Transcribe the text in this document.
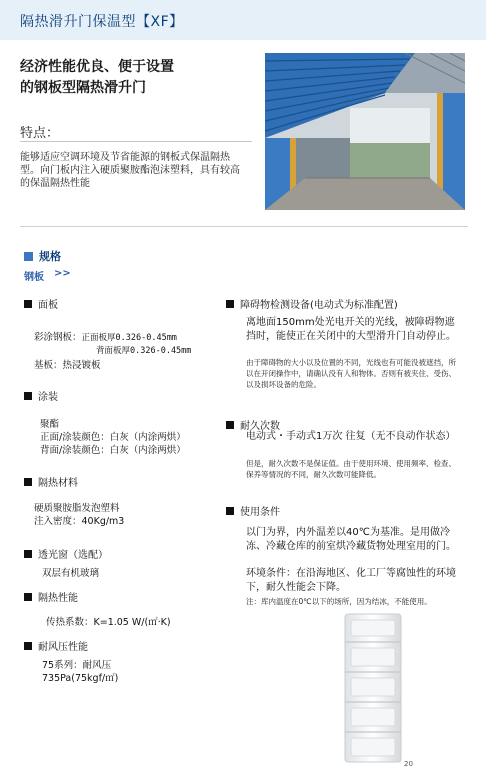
隔热滑升门保温型【XF】
经济性能优良、便于设置
的钢板型隔热滑升门
特点：
能够适应空调环境及节省能源的钢板式保温隔热型。向门板内注入硬质聚胺酯泡沫塑料，具有较高的保温隔热性能
规格
钢板 >>
面板
彩涂钢板：正面板厚0.326-0.45mm
背面板厚0.326-0.45mm
基板：热浸镀板
涂装
聚酯
正面/涂装颜色：白灰（内涂两烘）
背面/涂装颜色：白灰（内涂两烘）
隔热材料
硬质聚胺脂发泡塑料
注入密度：40Kg/m3
透光窗（选配）
双层有机玻璃
隔热性能
传热系数：K=1.05 W/(㎡·K)
耐风压性能
75系列：耐风压
735Pa(75kgf/㎡)
障碍物检测设备(电动式为标准配置)
离地面150mm处光电开关的光线，被障碍物遮挡时，能使正在关闭中的大型滑升门自动停止。
由于障碍物的大小以及位置的不同，光线也有可能没被遮挡，所以在开闭操作中，请确认没有人和物体。否则有被夹住、受伤、以及损坏设备的危险。
耐久次数
电动式・手动式1万次 往复（无不良动作状态）
但是，耐久次数不是保证值。由于使用环境、使用频率、检查、保养等情况的不同，耐久次数可能降低。
使用条件
以门为界，内外温差以40℃为基准。是用做冷冻、冷藏仓库的前室烘冷藏货物处理室用的门。
环境条件：在沿海地区、化工厂等腐蚀性的环境下，耐久性能会下降。
注：库内温度在0℃以下的场所，因为结冰，不能使用。
20
